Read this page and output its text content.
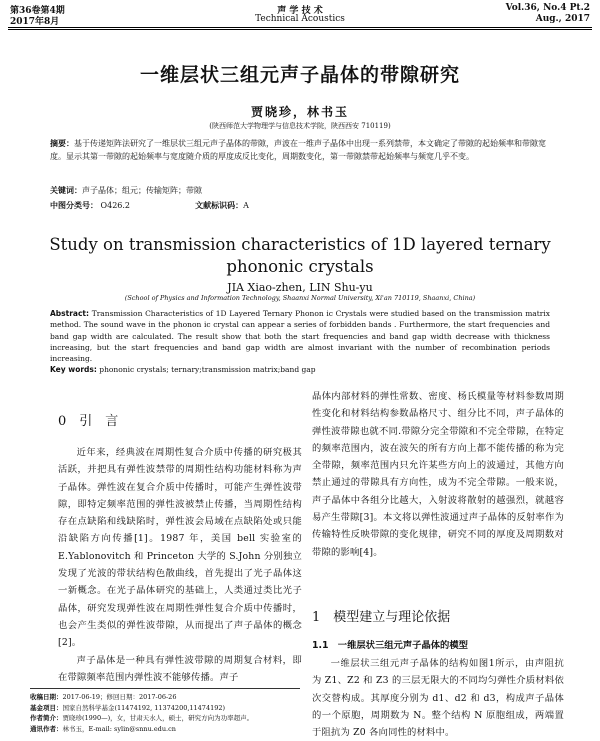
第36卷第4期	声 学 技 术	Vol.36, No.4 Pt.2
2017年8月	Technical Acoustics	Aug., 2017
一维层状三组元声子晶体的带隙研究
贾晓珍，林书玉
(陕西师范大学物理学与信息技术学院，陕西西安 710119)
摘要：基于传递矩阵法研究了一维层状三组元声子晶体的带隙，声波在一维声子晶体中出现一系列禁带，本文确定了带隙的起始频率和带隙宽度。显示其第一带隙的起始频率与宽度随介质的厚度成反比变化，周期数变化，第一带隙禁带起始频率与频宽几乎不变。
关键词：声子晶体；组元；传输矩阵；带隙
中图分类号： O426.2	文献标识码：A
Study on transmission characteristics of 1D layered ternary phononic crystals
JIA Xiao-zhen, LIN Shu-yu
(School of Physics and Information Technology, Shaanxi Normal University, Xi'an 710119, Shaanxi, China)
Abstract: Transmission Characteristics of 1D Layered Ternary Phonon ic Crystals were studied based on the transmission matrix method. The sound wave in the phonon ic crystal can appear a series of forbidden bands . Furthermore, the start frequencies and band gap width are calculated. The result show that both the start frequencies and band gap width decrease with thickness increasing, but the start frequencies and band gap width are almost invariant with the number of recombination periods increasing.
Key words: phononic crystals; ternary;transmission matrix;band gap
0　引　言

近年来，经典波在周期性复合介质中传播的研究极其活跃，并把具有弹性波禁带的周期性结构功能材料称为声子晶体。弹性波在复合介质中传播时，可能产生弹性波带隙，即特定频率范围的弹性波被禁止传播，当周期性结构存在点缺陷和线缺陷时，弹性波会局域在点缺陷处或只能沿缺陷方向传播[1]。1987 年，美国 bell 实验室的 E.Yablonovitch 和 Princeton 大学的 S.John 分别独立发现了光波的带状结构色散曲线，首先提出了光子晶体这一新概念。在光子晶体研究的基础上，人类通过类比光子晶体，研究发现弹性波在周期性弹性复合介质中传播时，也会产生类似的弹性波带隙，从而提出了声子晶体的概念[2]。

声子晶体是一种具有弹性波带隙的周期复合材料，即在带隙频率范围内弹性波不能够传播。声子

晶体内部材料的弹性常数、密度、杨氏模量等材料参数周期性变化和材料结构参数晶格尺寸、组分比不同，声子晶体的弹性波带隙也就不同.带隙分完全带隙和不完全带隙，在特定的频率范围内，波在波矢的所有方向上都不能传播的称为完全带隙，频率范围内只允许某些方向上的波通过，其他方向禁止通过的带隙具有方向性，成为不完全带隙。一般来说，声子晶体中各组分比越大，入射波将散射的越强烈，就越容易产生带隙[3]。本文将以弹性波通过声子晶体的反射率作为传输特性反映带隙的变化规律，研究不同的厚度及周期数对带隙的影响[4]。

1　模型建立与理论依据
1.1　一维层状三组元声子晶体的模型

一维层状三组元声子晶体的结构如图1所示，由声阻抗为 Z1、Z2 和 Z3 的三层无限大的不同均匀弹性介质材料依次交替构成。其厚度分别为 d1、d2 和 d3，构成声子晶体的一个原胞，周期数为 N。整个结构 N 原胞组成，两端置于阻抗为 Z0 各向同性的材料中。

收稿日期：2017-06-19；修回日期：2017-06-26
基金项目：国家自然科学基金(11474192, 11374200,11474192)
作者简介：贾晓珍(1990—)，女，甘肃天水人，硕士，研究方向为功率超声。
通讯作者：林书玉，E-mail: sylin@snnu.edu.cn
